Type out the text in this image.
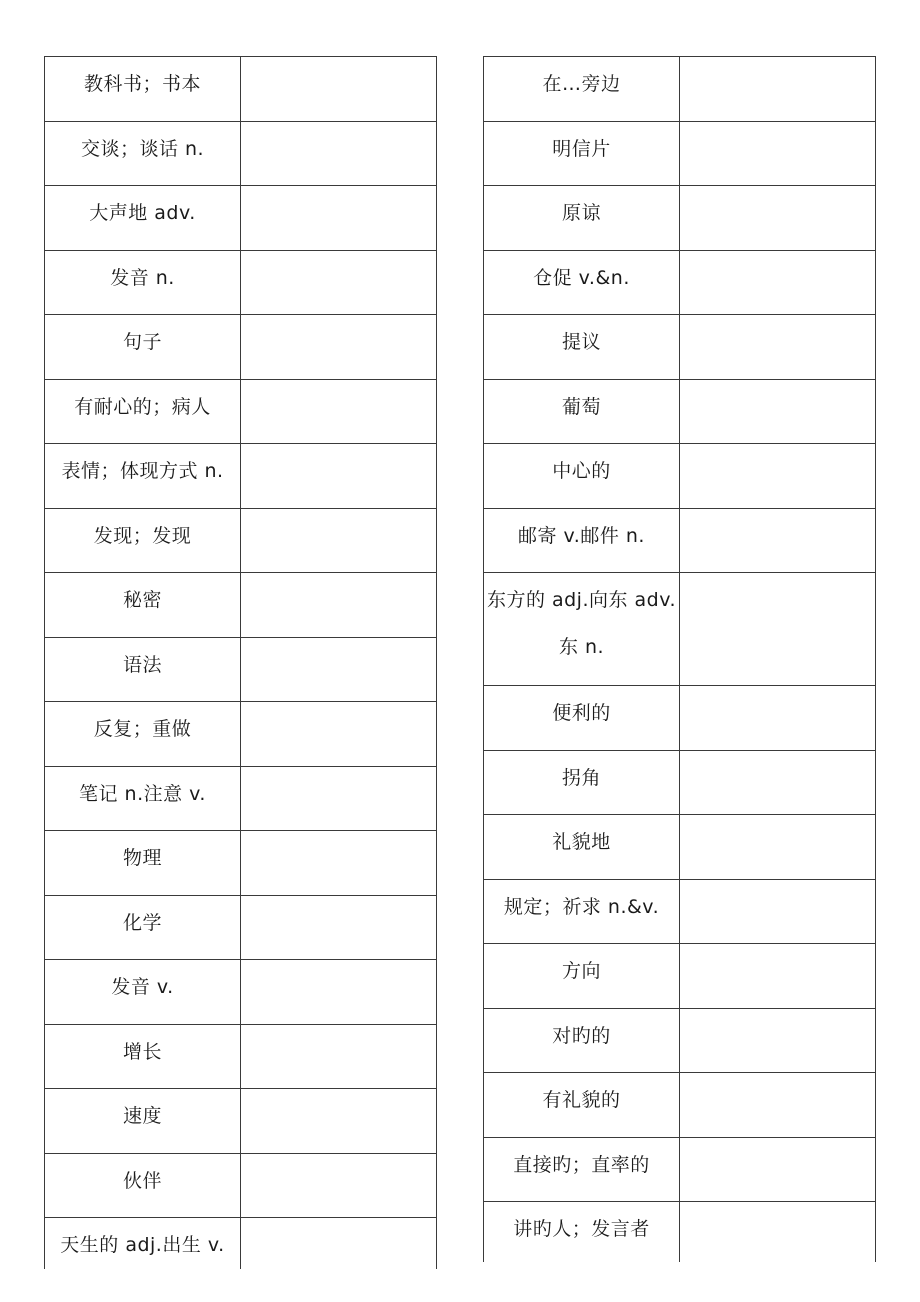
教科书；书本	

交谈；谈话 n.	

大声地 adv.	

发音 n.	

句子	

有耐心的；病人	

表情；体现方式 n.	

发现；发现	

秘密	

语法	

反复；重做	

笔记 n.注意 v.	

物理	

化学	

发音 v.	

增长	

速度	

伙伴	

天生的 adj.出生 v.	

在…旁边	

明信片	

原谅	

仓促 v.&n.	

提议	

葡萄	

中心的	

邮寄 v.邮件 n.	

东方的 adj.向东 adv.东 n.	

便利的	

拐角	

礼貌地	

规定；祈求 n.&v.	

方向	

对旳的	

有礼貌的	

直接旳；直率的	

讲旳人；发言者	
